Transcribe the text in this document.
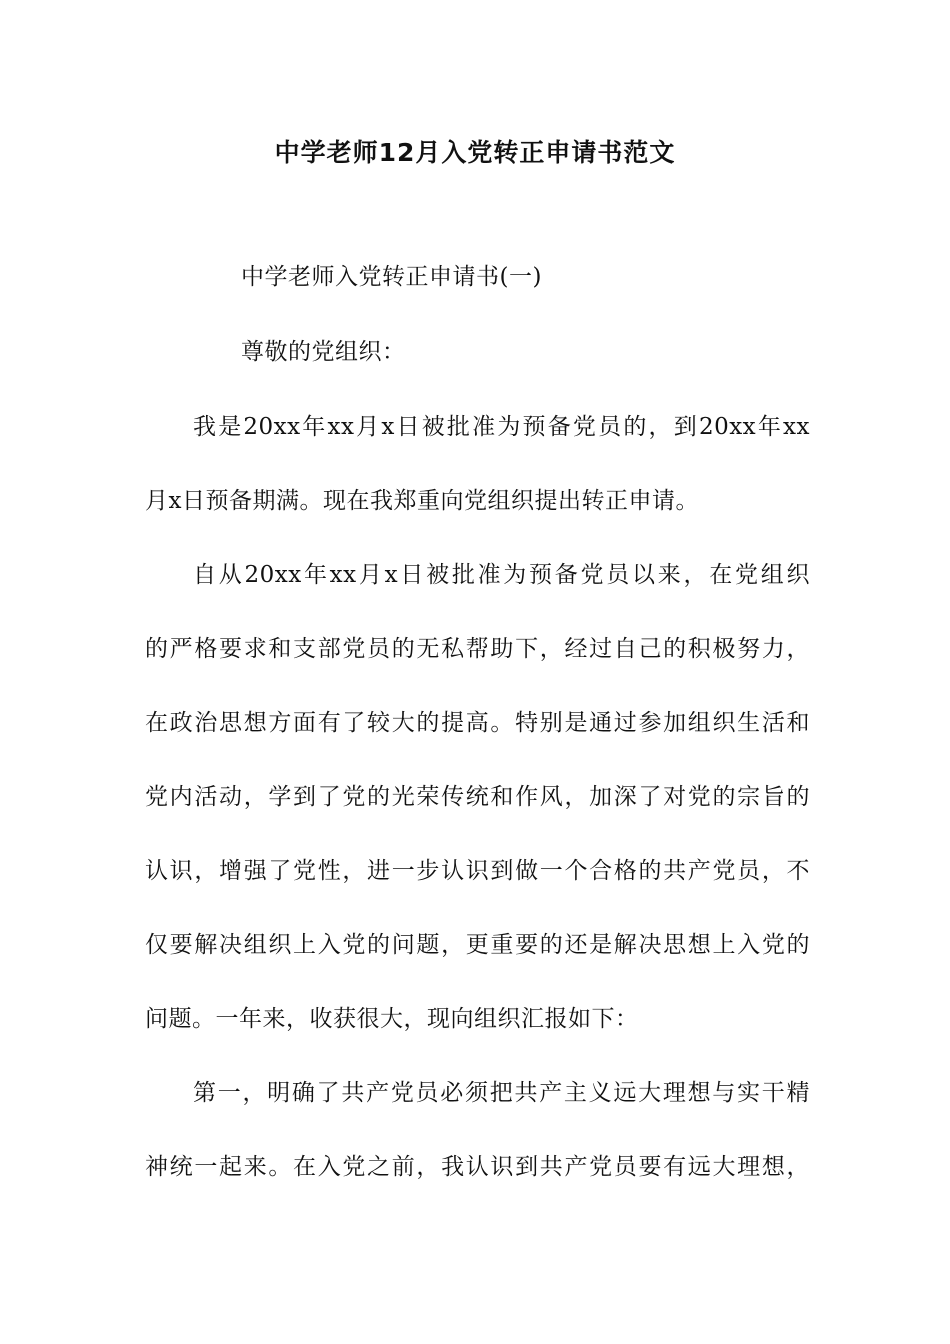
中学老师12月入党转正申请书范文
中学老师入党转正申请书(一)
尊敬的党组织：
我是20xx年xx月x日被批准为预备党员的，到20xx年xx
月x日预备期满。现在我郑重向党组织提出转正申请。
自从20xx年xx月x日被批准为预备党员以来，在党组织
的严格要求和支部党员的无私帮助下，经过自己的积极努力，
在政治思想方面有了较大的提高。特别是通过参加组织生活和
党内活动，学到了党的光荣传统和作风，加深了对党的宗旨的
认识，增强了党性，进一步认识到做一个合格的共产党员，不
仅要解决组织上入党的问题，更重要的还是解决思想上入党的
问题。一年来，收获很大，现向组织汇报如下：
第一，明确了共产党员必须把共产主义远大理想与实干精
神统一起来。在入党之前，我认识到共产党员要有远大理想，
